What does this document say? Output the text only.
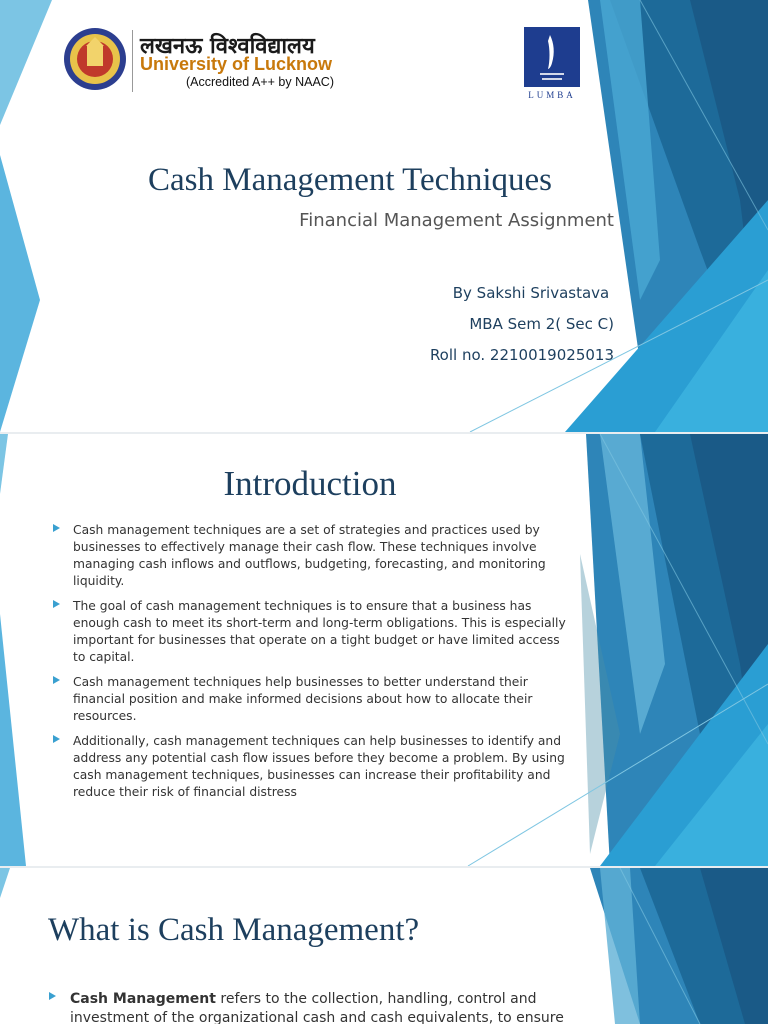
लखनऊ विश्वविद्यालय
University of Lucknow
(Accredited A++ by NAAC)
LUMBA
Cash Management Techniques
Financial Management Assignment
By Sakshi Srivastava
MBA Sem 2( Sec C)
Roll no. 2210019025013
Introduction
Cash management techniques are a set of strategies and practices used by businesses to effectively manage their cash flow. These techniques involve managing cash inflows and outflows, budgeting, forecasting, and monitoring liquidity.
The goal of cash management techniques is to ensure that a business has enough cash to meet its short-term and long-term obligations. This is especially important for businesses that operate on a tight budget or have limited access to capital.
Cash management techniques help businesses to better understand their financial position and make informed decisions about how to allocate their resources.
Additionally, cash management techniques can help businesses to identify and address any potential cash flow issues before they become a problem. By using cash management techniques, businesses can increase their profitability and reduce their risk of financial distress
What is Cash Management?
Cash Management refers to the collection, handling, control and investment of the organizational cash and cash equivalents, to ensure
